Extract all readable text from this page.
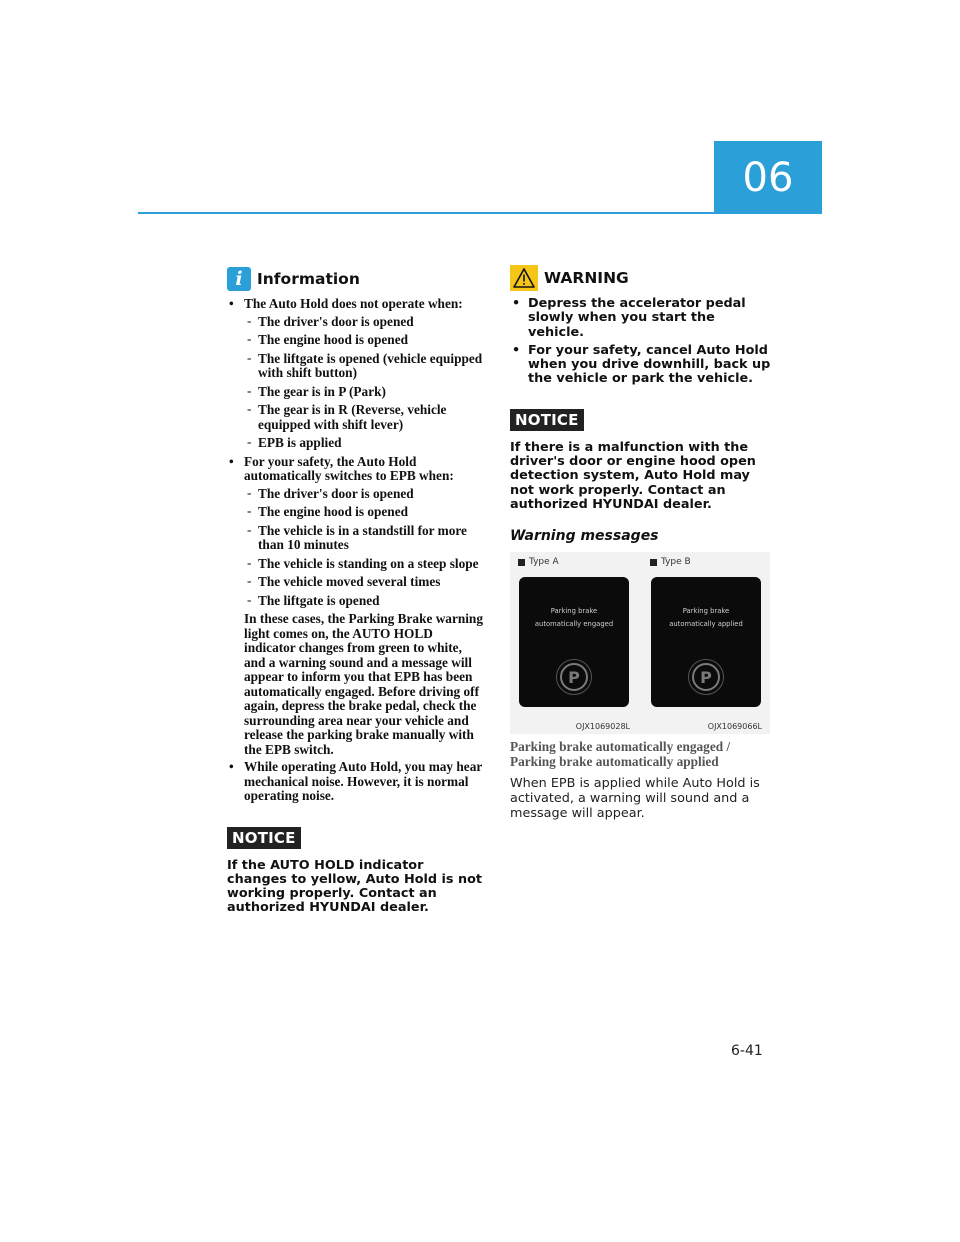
06
i Information
• The Auto Hold does not operate when:
- The driver's door is opened
- The engine hood is opened
- The liftgate is opened (vehicle equipped with shift button)
- The gear is in P (Park)
- The gear is in R (Reverse, vehicle equipped with shift lever)
- EPB is applied
• For your safety, the Auto Hold automatically switches to EPB when:
- The driver's door is opened
- The engine hood is opened
- The vehicle is in a standstill for more than 10 minutes
- The vehicle is standing on a steep slope
- The vehicle moved several times
- The liftgate is opened
In these cases, the Parking Brake warning light comes on, the AUTO HOLD indicator changes from green to white, and a warning sound and a message will appear to inform you that EPB has been automatically engaged. Before driving off again, depress the brake pedal, check the surrounding area near your vehicle and release the parking brake manually with the EPB switch.
• While operating Auto Hold, you may hear mechanical noise. However, it is normal operating noise.
NOTICE
If the AUTO HOLD indicator changes to yellow, Auto Hold is not working properly. Contact an authorized HYUNDAI dealer.
WARNING
• Depress the accelerator pedal slowly when you start the vehicle.
• For your safety, cancel Auto Hold when you drive downhill, back up the vehicle or park the vehicle.
NOTICE
If there is a malfunction with the driver's door or engine hood open detection system, Auto Hold may not work properly. Contact an authorized HYUNDAI dealer.
Warning messages
Type A
Parking brake
automatically engaged
P
OJX1069028L
Type B
Parking brake
automatically applied
P
OJX1069066L
Parking brake automatically engaged / Parking brake automatically applied
When EPB is applied while Auto Hold is activated, a warning will sound and a message will appear.
6-41
